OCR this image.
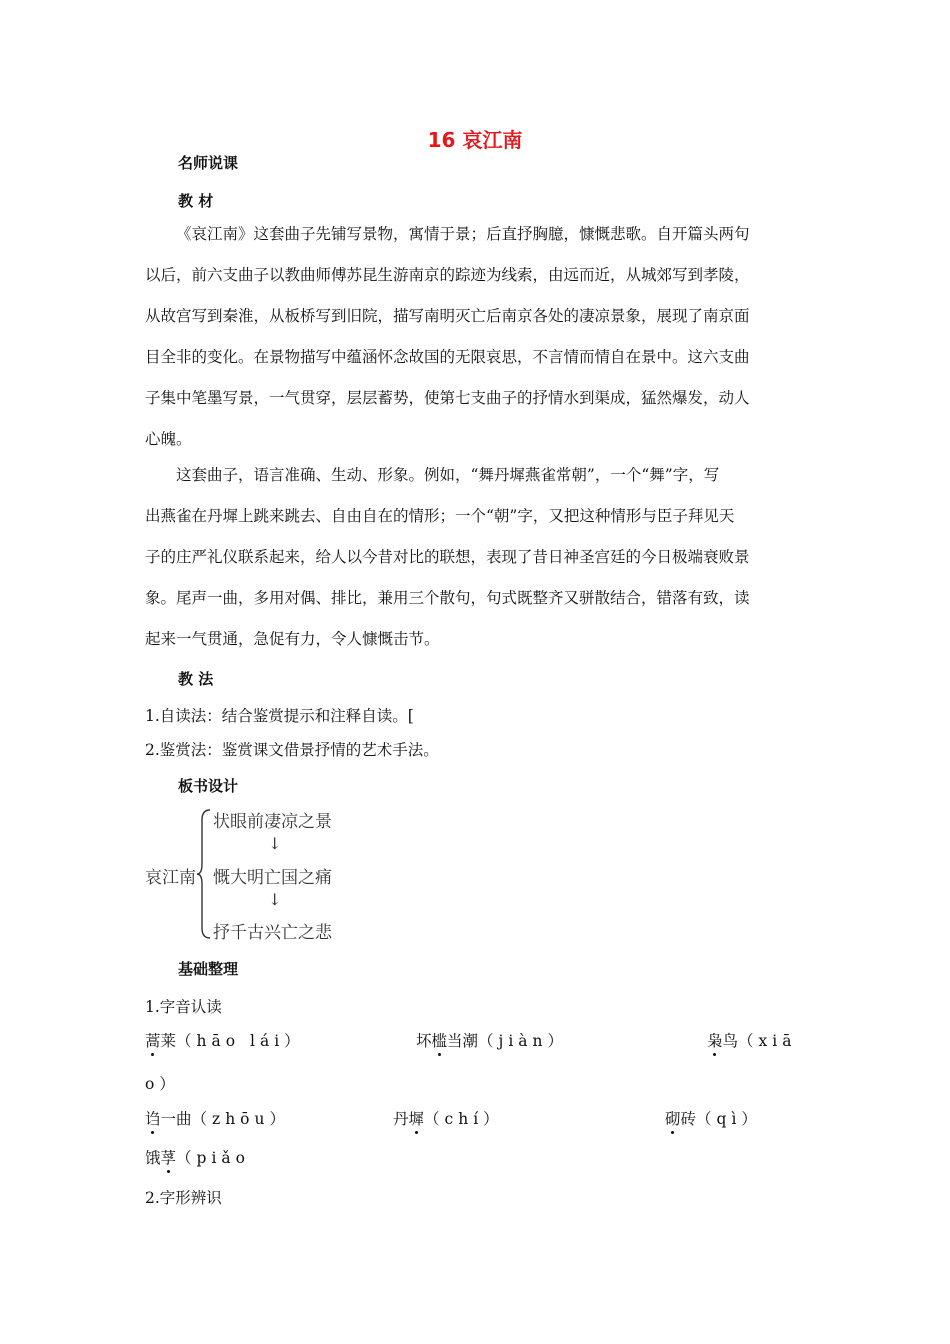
16 哀江南
名师说课
教 材
《哀江南》这套曲子先铺写景物，寓情于景；后直抒胸臆，慷慨悲歌。自开篇头两句
以后，前六支曲子以教曲师傅苏昆生游南京的踪迹为线索，由远而近，从城郊写到孝陵，
从故宫写到秦淮，从板桥写到旧院，描写南明灭亡后南京各处的凄凉景象，展现了南京面
目全非的变化。在景物描写中蕴涵怀念故国的无限哀思，不言情而情自在景中。这六支曲
子集中笔墨写景，一气贯穿，层层蓄势，使第七支曲子的抒情水到渠成，猛然爆发，动人
心魄。
这套曲子，语言准确、生动、形象。例如，“舞丹墀燕雀常朝”，一个“舞”字，写
出燕雀在丹墀上跳来跳去、自由自在的情形；一个“朝”字，又把这种情形与臣子拜见天
子的庄严礼仪联系起来，给人以今昔对比的联想，表现了昔日神圣宫廷的今日极端衰败景
象。尾声一曲，多用对偶、排比，兼用三个散句，句式既整齐又骈散结合，错落有致，读
起来一气贯通，急促有力，令人慷慨击节。
教 法
1.自读法：结合鉴赏提示和注释自读。[
2.鉴赏法：鉴赏课文借景抒情的艺术手法。
板书设计
哀江南
状眼前凄凉之景
↓
慨大明亡国之痛
↓
抒千古兴亡之悲
基础整理
1.字音认读
蒿莱（hāo lái）	坏槛当潮（jiàn）	枭鸟（xiā
o）
诌一曲（zhōu）	丹墀（chí）	砌砖（qì）
饿莩（piǎo
2.字形辨识
